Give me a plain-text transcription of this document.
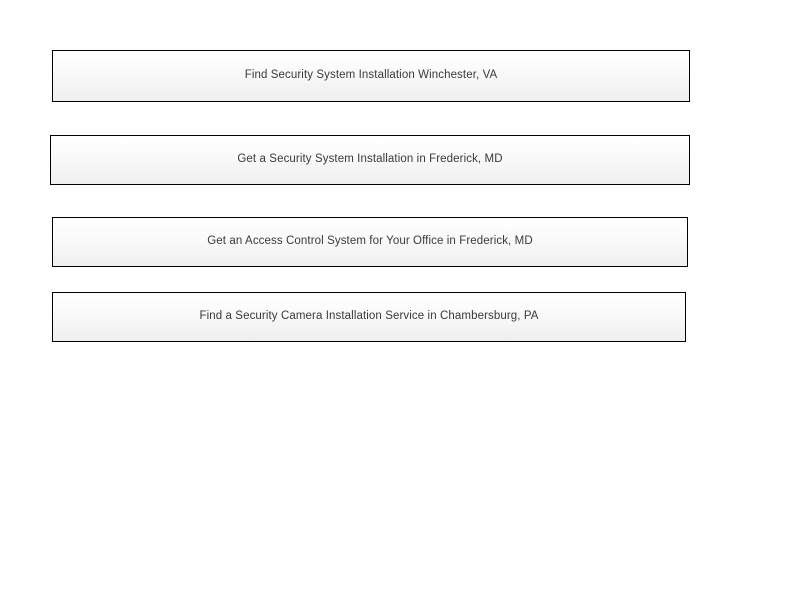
Find Security System Installation Winchester, VA
Get a Security System Installation in Frederick, MD
Get an Access Control System for Your Office in Frederick, MD
Find a Security Camera Installation Service in Chambersburg, PA
